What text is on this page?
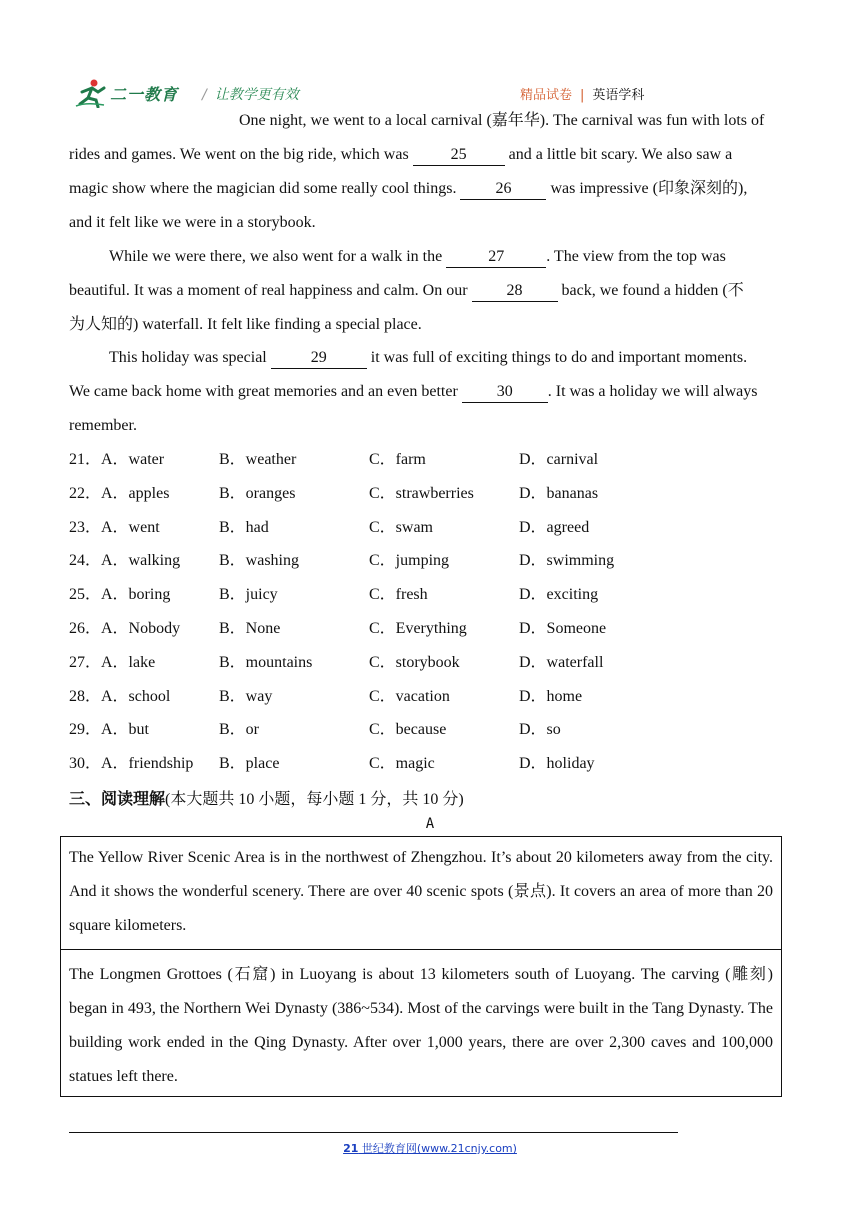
二一教育 / 让教学更有效	精品试卷 | 英语学科
One night, we went to a local carnival (嘉年华). The carnival was fun with lots of
rides and games. We went on the big ride, which was 25 and a little bit scary. We also saw a
magic show where the magician did some really cool things. 26 was impressive (印象深刻的),
and it felt like we were in a storybook.
While we were there, we also went for a walk in the	27	. The view from the top was
beautiful. It was a moment of real happiness and calm. On our 28 back, we found a hidden (不
为人知的) waterfall. It felt like finding a special place.
This holiday was special	29	it was full of exciting things to do and important moments.
We came back home with great memories and an even better 30 . It was a holiday we will always
remember.
21．A．water	B．weather	C．farm	D．carnival
22．A．apples	B．oranges	C．strawberries	D．bananas
23．A．went	B．had	C．swam	D．agreed
24．A．walking B．washing	C．jumping	D．swimming
25．A．boring	B．juicy	C．fresh	D．exciting
26．A．Nobody B．None	C．Everything	D．Someone
27．A．lake	B．mountains	C．storybook	D．waterfall
28．A．school	B．way	C．vacation	D．home
29．A．but	B．or	C．because	D．so
30．A．friendship B．place	C．magic	D．holiday
三、阅读理解(本大题共 10 小题，每小题 1 分，共 10 分)
A
The Yellow River Scenic Area is in the northwest of Zhengzhou. It’s about 20 kilometers away from the city. And it shows the wonderful scenery. There are over 40 scenic spots (景点). It covers an area of more than 20 square kilometers.
The Longmen Grottoes (石窟) in Luoyang is about 13 kilometers south of Luoyang. The carving (雕刻) began in 493, the Northern Wei Dynasty (386~534). Most of the carvings were built in the Tang Dynasty. The building work ended in the Qing Dynasty. After over 1,000 years, there are over 2,300 caves and 100,000 statues left there.
21 世纪教育网(www.21cnjy.com)
